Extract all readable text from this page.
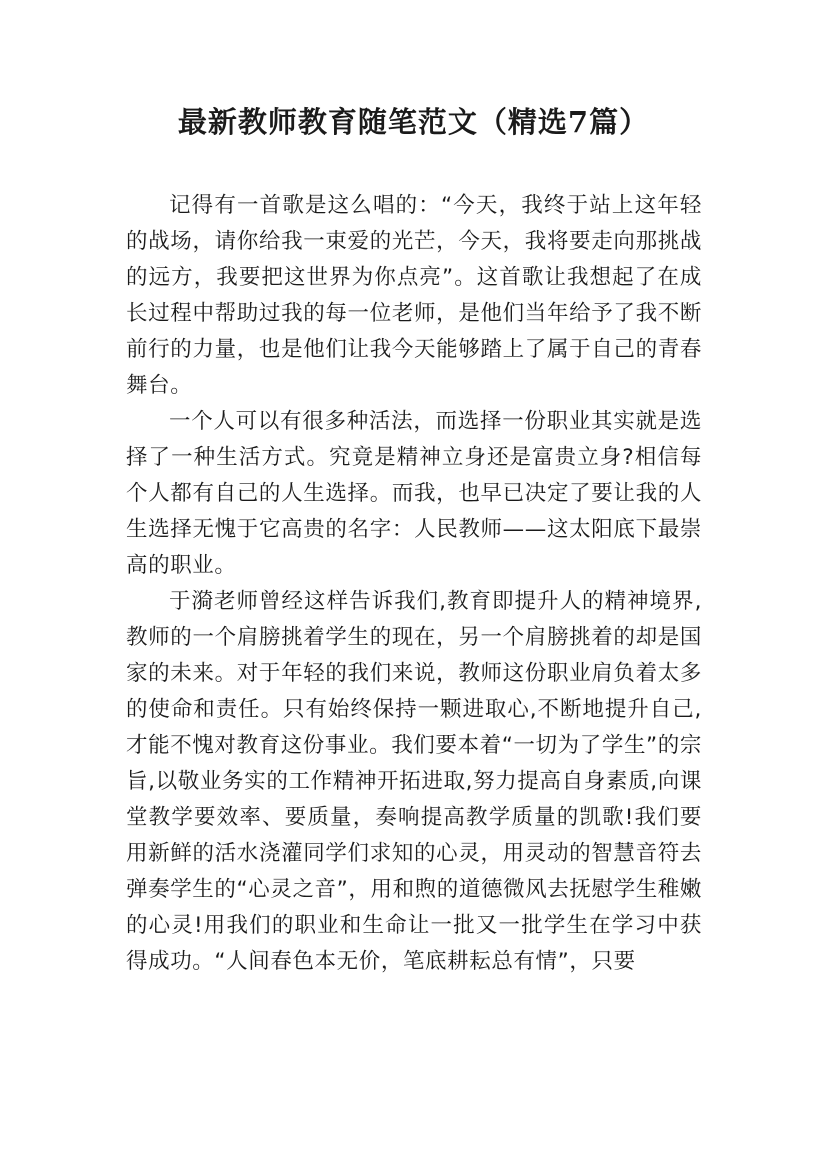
最新教师教育随笔范文（精选7篇）

记得有一首歌是这么唱的：“今天，我终于站上这年轻的战场，请你给我一束爱的光芒，今天，我将要走向那挑战的远方，我要把这世界为你点亮”。这首歌让我想起了在成长过程中帮助过我的每一位老师，是他们当年给予了我不断前行的力量，也是他们让我今天能够踏上了属于自己的青春舞台。

一个人可以有很多种活法，而选择一份职业其实就是选择了一种生活方式。究竟是精神立身还是富贵立身?相信每个人都有自己的人生选择。而我，也早已决定了要让我的人生选择无愧于它高贵的名字：人民教师——这太阳底下最崇高的职业。

于漪老师曾经这样告诉我们,教育即提升人的精神境界,教师的一个肩膀挑着学生的现在，另一个肩膀挑着的却是国家的未来。对于年轻的我们来说，教师这份职业肩负着太多的使命和责任。只有始终保持一颗进取心,不断地提升自己,才能不愧对教育这份事业。我们要本着“一切为了学生”的宗旨,以敬业务实的工作精神开拓进取,努力提高自身素质,向课堂教学要效率、要质量，奏响提高教学质量的凯歌!我们要用新鲜的活水浇灌同学们求知的心灵，用灵动的智慧音符去弹奏学生的“心灵之音”，用和煦的道德微风去抚慰学生稚嫩的心灵!用我们的职业和生命让一批又一批学生在学习中获得成功。“人间春色本无价，笔底耕耘总有情”，只要
